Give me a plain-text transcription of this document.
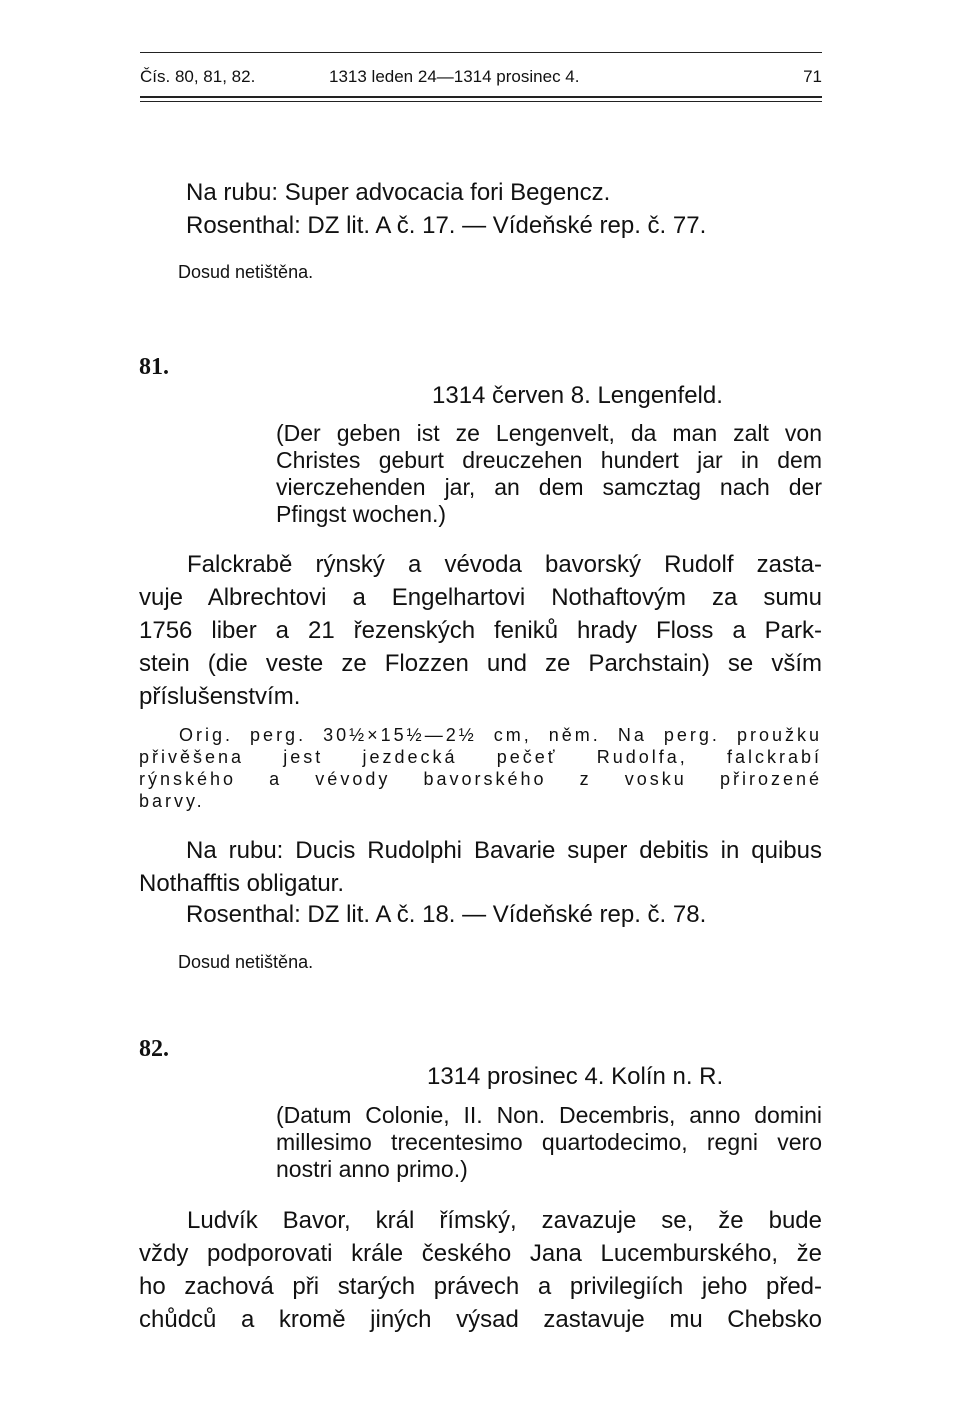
Čís. 80, 81, 82.	1313 leden 24—1314 prosinec 4.	71
Na rubu: Super advocacia fori Begencz.
Rosenthal: DZ lit. A č. 17. — Vídeňské rep. č. 77.
Dosud netištěna.
81.
1314 červen 8. Lengenfeld.
(Der geben ist ze Lengenvelt, da man zalt von
Christes geburt dreuczehen hundert jar in dem
vierczehenden jar, an dem samcztag nach der
Pfingst wochen.)
Falckrabě rýnský a vévoda bavorský Rudolf zasta-
vuje Albrechtovi a Engelhartovi Nothaftovým za sumu
1756 liber a 21 řezenských feniků hrady Floss a Park-
stein (die veste ze Flozzen und ze Parchstain) se vším
příslušenstvím.
Orig. perg. 30½×15½—2½ cm, něm. Na perg. proužku
přivěšena jest jezdecká pečeť Rudolfa, falckrabí
rýnského a vévody bavorského z vosku přirozené
barvy.
Na rubu: Ducis Rudolphi Bavarie super debitis in quibus
Nothafftis obligatur.
Rosenthal: DZ lit. A č. 18. — Vídeňské rep. č. 78.
Dosud netištěna.
82.
1314 prosinec 4. Kolín n. R.
(Datum Colonie, II. Non. Decembris, anno domini
millesimo trecentesimo quartodecimo, regni vero
nostri anno primo.)
Ludvík Bavor, král římský, zavazuje se, že bude
vždy podporovati krále českého Jana Lucemburského, že
ho zachová při starých právech a privilegiích jeho před-
chůdců a kromě jiných výsad zastavuje mu Chebsko
